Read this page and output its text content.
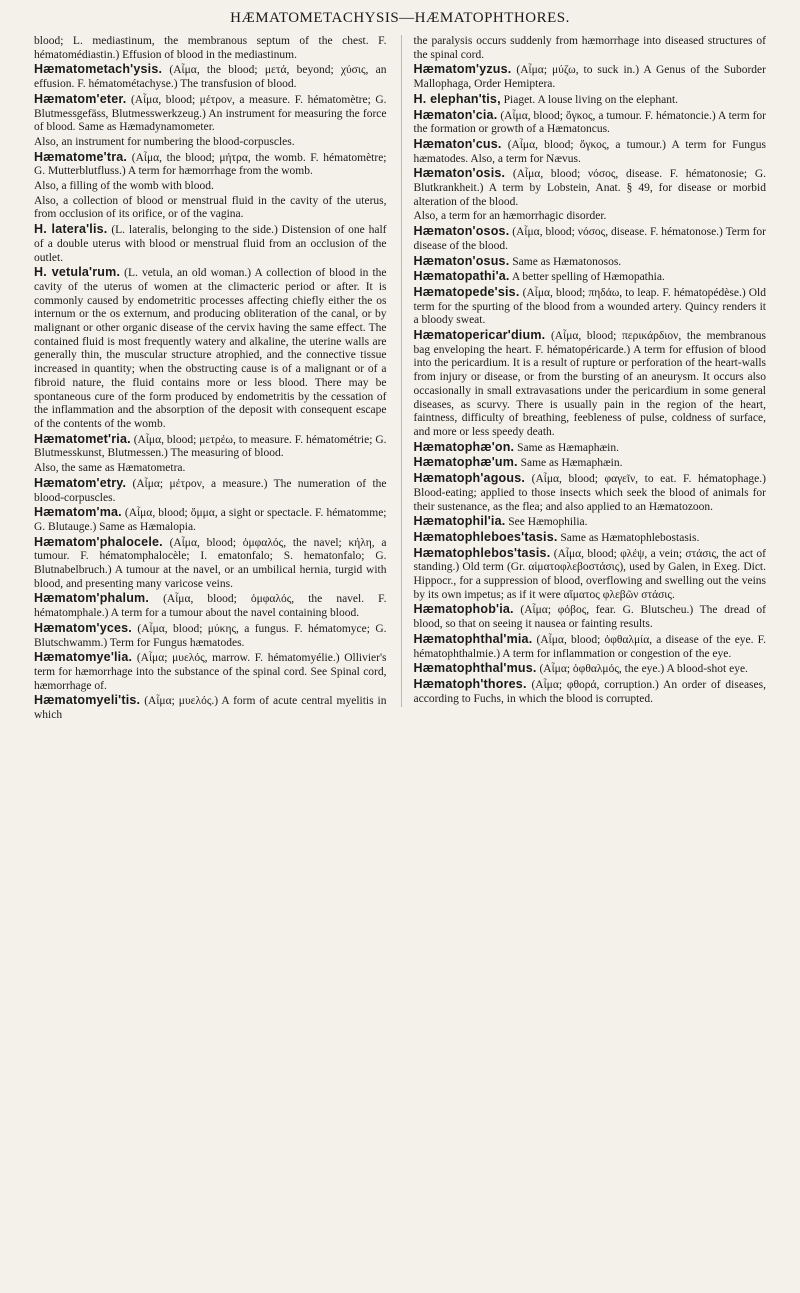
HÆMATOMETACHYSIS—HÆMATOPHTHORES.

blood; L. mediastinum, the membranous septum of the chest. F. hématomédiastin.) Effusion of blood in the mediastinum.

Hæmatometach'ysis. (Αἷμα, the blood; μετά, beyond; χύσις, an effusion. F. hématométachyse.) The transfusion of blood.

Hæmatom'eter. (Αἷμα, blood; μέτρον, a measure. F. hématomètre; G. Blutmessgefäss, Blutmesswerkzeug.) An instrument for measuring the force of blood. Same as Hæmadynamometer.

Also, an instrument for numbering the blood-corpuscles.

Hæmatome'tra. (Αἷμα, the blood; μήτρα, the womb. F. hématomètre; G. Mutterblutfluss.) A term for hæmorrhage from the womb.

Also, a filling of the womb with blood.

Also, a collection of blood or menstrual fluid in the cavity of the uterus, from occlusion of its orifice, or of the vagina.

H. latera'lis. (L. lateralis, belonging to the side.) Distension of one half of a double uterus with blood or menstrual fluid from an occlusion of the outlet.

H. vetula'rum. (L. vetula, an old woman.) A collection of blood in the cavity of the uterus of women at the climacteric period or after. It is commonly caused by endometritic processes affecting chiefly either the os internum or the os externum, and producing obliteration of the canal, or by malignant or other organic disease of the cervix having the same effect. The contained fluid is most frequently watery and alkaline, the uterine walls are generally thin, the muscular structure atrophied, and the connective tissue increased in quantity; when the obstructing cause is of a malignant or of a fibroid nature, the fluid contains more or less blood. There may be spontaneous cure of the form produced by endometritis by the cessation of the inflammation and the absorption of the deposit with consequent escape of the contents of the womb.

Hæmatomet'ria. (Αἷμα, blood; μετρέω, to measure. F. hématométrie; G. Blutmesskunst, Blutmessen.) The measuring of blood.

Also, the same as Hæmatometra.

Hæmatom'etry. (Αἷμα; μέτρον, a measure.) The numeration of the blood-corpuscles.

Hæmatom'ma. (Αἷμα, blood; ὄμμα, a sight or spectacle. F. hématomme; G. Blutauge.) Same as Hæmalopia.

Hæmatom'phalocele. (Αἷμα, blood; ὀμφαλός, the navel; κήλη, a tumour. F. hématomphalocèle; I. ematonfalo; S. hematonfalo; G. Blutnabelbruch.) A tumour at the navel, or an umbilical hernia, turgid with blood, and presenting many varicose veins.

Hæmatom'phalum. (Αἷμα, blood; ὀμφαλός, the navel. F. hématomphale.) A term for a tumour about the navel containing blood.

Hæmatom'yces. (Αἷμα, blood; μύκης, a fungus. F. hématomyce; G. Blutschwamm.) Term for Fungus hæmatodes.

Hæmatomye'lia. (Αἷμα; μυελός, marrow. F. hématomyélie.) Ollivier's term for hæmorrhage into the substance of the spinal cord. See Spinal cord, hæmorrhage of.

Hæmatomyeli'tis. (Αἷμα; μυελός.) A form of acute central myelitis in which

the paralysis occurs suddenly from hæmorrhage into diseased structures of the spinal cord.

Hæmatom'yzus. (Αἷμα; μύζω, to suck in.) A Genus of the Suborder Mallophaga, Order Hemiptera.

H. elephan'tis, Piaget. A louse living on the elephant.

Hæmaton'cia. (Αἷμα, blood; ὄγκος, a tumour. F. hématoncie.) A term for the formation or growth of a Hæmatoncus.

Hæmaton'cus. (Αἷμα, blood; ὄγκος, a tumour.) A term for Fungus hæmatodes. Also, a term for Nævus.

Hæmaton'osis. (Αἷμα, blood; νόσος, disease. F. hématonosie; G. Blutkrankheit.) A term by Lobstein, Anat. § 49, for disease or morbid alteration of the blood.

Also, a term for an hæmorrhagic disorder.

Hæmaton'osos. (Αἷμα, blood; νόσος, disease. F. hématonose.) Term for disease of the blood.

Hæmaton'osus. Same as Hæmatonosos.

Hæmatopathi'a. A better spelling of Hæmopathia.

Hæmatopede'sis. (Αἷμα, blood; πηδάω, to leap. F. hématopédèse.) Old term for the spurting of the blood from a wounded artery. Quincy renders it a bloody sweat.

Hæmatopericar'dium. (Αἷμα, blood; περικάρδιον, the membranous bag enveloping the heart. F. hématopéricarde.) A term for effusion of blood into the pericardium. It is a result of rupture or perforation of the heart-walls from injury or disease, or from the bursting of an aneurysm. It occurs also occasionally in small extravasations under the pericardium in some general diseases, as scurvy. There is usually pain in the region of the heart, faintness, difficulty of breathing, feebleness of pulse, coldness of surface, and more or less speedy death.

Hæmatophæ'on. Same as Hæmaphæin.

Hæmatophæ'um. Same as Hæmaphæin.

Hæmatoph'agous. (Αἷμα, blood; φαγεῖν, to eat. F. hématophage.) Blood-eating; applied to those insects which seek the blood of animals for their sustenance, as the flea; and also applied to an Hæmatozoon.

Hæmatophil'ia. See Hæmophilia.

Hæmatophleboes'tasis. Same as Hæmatophlebostasis.

Hæmatophlebos'tasis. (Αἷμα, blood; φλέψ, a vein; στάσις, the act of standing.) Old term (Gr. αἱματοφλεβοστάσις), used by Galen, in Exeg. Dict. Hippocr., for a suppression of blood, overflowing and swelling out the veins by its own impetus; as if it were αἵματος φλεβῶν στάσις.

Hæmatophob'ia. (Αἷμα; φόβος, fear. G. Blutscheu.) The dread of blood, so that on seeing it nausea or fainting results.

Hæmatophthal'mia. (Αἷμα, blood; ὀφθαλμία, a disease of the eye. F. hématophthalmie.) A term for inflammation or congestion of the eye.

Hæmatophthal'mus. (Αἷμα; ὀφθαλμός, the eye.) A blood-shot eye.

Hæmatoph'thores. (Αἷμα; φθορά, corruption.) An order of diseases, according to Fuchs, in which the blood is corrupted.
